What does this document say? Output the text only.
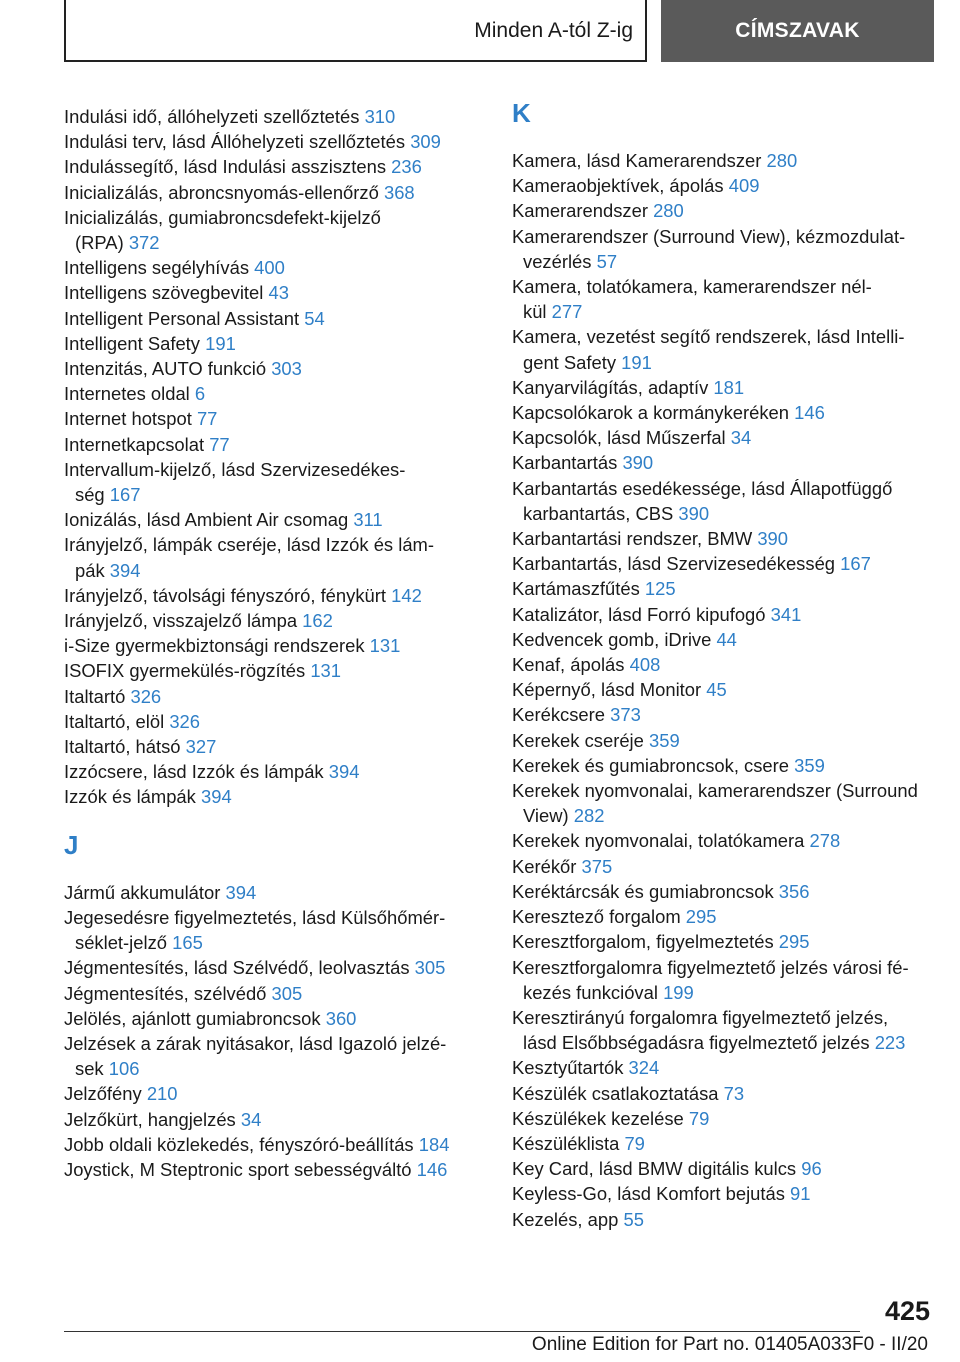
Minden A-tól Z-ig	CÍMSZAVAK
Indulási idő, állóhelyzeti szellőztetés 310
Indulási terv, lásd Állóhelyzeti szellőztetés 309
Indulássegítő, lásd Indulási asszisztens 236
Inicializálás, abroncsnyomás-ellenőrző 368
Inicializálás, gumiabroncsdefekt-kijelző
(RPA) 372
Intelligens segélyhívás 400
Intelligens szövegbevitel 43
Intelligent Personal Assistant 54
Intelligent Safety 191
Intenzitás, AUTO funkció 303
Internetes oldal 6
Internet hotspot 77
Internetkapcsolat 77
Intervallum-kijelző, lásd Szervizesedékes‐
ség 167
Ionizálás, lásd Ambient Air csomag 311
Irányjelző, lámpák cseréje, lásd Izzók és lám‐
pák 394
Irányjelző, távolsági fényszóró, fénykürt 142
Irányjelző, visszajelző lámpa 162
i-Size gyermekbiztonsági rendszerek 131
ISOFIX gyermekülés-rögzítés 131
Italtartó 326
Italtartó, elöl 326
Italtartó, hátsó 327
Izzócsere, lásd Izzók és lámpák 394
Izzók és lámpák 394
J
Jármű akkumulátor 394
Jegesedésre figyelmeztetés, lásd Külsőhőmér‐
séklet-jelző 165
Jégmentesítés, lásd Szélvédő, leolvasztás 305
Jégmentesítés, szélvédő 305
Jelölés, ajánlott gumiabroncsok 360
Jelzések a zárak nyitásakor, lásd Igazoló jelzé‐
sek 106
Jelzőfény 210
Jelzőkürt, hangjelzés 34
Jobb oldali közlekedés, fényszóró-beállítás 184
Joystick, M Steptronic sport sebességváltó 146
K
Kamera, lásd Kamerarendszer 280
Kameraobjektívek, ápolás 409
Kamerarendszer 280
Kamerarendszer (Surround View), kézmozdulat‐
vezérlés 57
Kamera, tolatókamera, kamerarendszer nél‐
kül 277
Kamera, vezetést segítő rendszerek, lásd Intelli‐
gent Safety 191
Kanyarvilágítás, adaptív 181
Kapcsolókarok a kormánykeréken 146
Kapcsolók, lásd Műszerfal 34
Karbantartás 390
Karbantartás esedékessége, lásd Állapotfüggő
karbantartás, CBS 390
Karbantartási rendszer, BMW 390
Karbantartás, lásd Szervizesedékesség 167
Kartámaszfűtés 125
Katalizátor, lásd Forró kipufogó 341
Kedvencek gomb, iDrive 44
Kenaf, ápolás 408
Képernyő, lásd Monitor 45
Kerékcsere 373
Kerekek cseréje 359
Kerekek és gumiabroncsok, csere 359
Kerekek nyomvonalai, kamerarendszer (Surround
View) 282
Kerekek nyomvonalai, tolatókamera 278
Kerékőr 375
Keréktárcsák és gumiabroncsok 356
Keresztező forgalom 295
Keresztforgalom, figyelmeztetés 295
Keresztforgalomra figyelmeztető jelzés városi fé‐
kezés funkcióval 199
Keresztirányú forgalomra figyelmeztető jelzés,
lásd Elsőbbségadásra figyelmeztető jelzés 223
Kesztyűtartók 324
Készülék csatlakoztatása 73
Készülékek kezelése 79
Készüléklista 79
Key Card, lásd BMW digitális kulcs 96
Keyless-Go, lásd Komfort bejutás 91
Kezelés, app 55
425
Online Edition for Part no. 01405A033F0 - II/20
